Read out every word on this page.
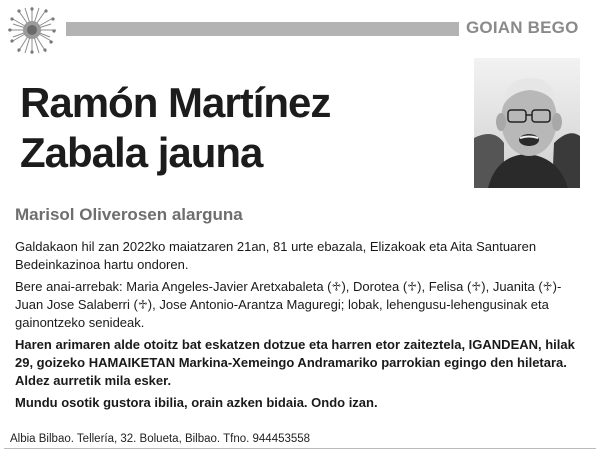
GOIAN BEGO
Ramón Martínez
Zabala jauna
Marisol Oliverosen alarguna

Galdakaon hil zan 2022ko maiatzaren 21an, 81 urte ebazala, Elizakoak eta Aita Santuaren Bedeinkazinoa hartu ondoren.

Bere anai-arrebak: Maria Angeles-Javier Aretxabaleta (♱), Dorotea (♱), Felisa (♱), Juanita (♱)-Juan Jose Salaberri (♱), Jose Antonio-Arantza Maguregi; lobak, lehengusu-lehengusinak eta gainontzeko senideak.

Haren arimaren alde otoitz bat eskatzen dotzue eta harren etor zaiteztela, IGANDEAN, hilak 29, goizeko HAMAIKETAN Markina-Xemeingo Andramariko parrokian egingo den hiletara. Aldez aurretik mila esker.

Mundu osotik gustora ibilia, orain azken bidaia. Ondo izan.

Albia Bilbao. Tellería, 32. Bolueta, Bilbao. Tfno. 944453558
